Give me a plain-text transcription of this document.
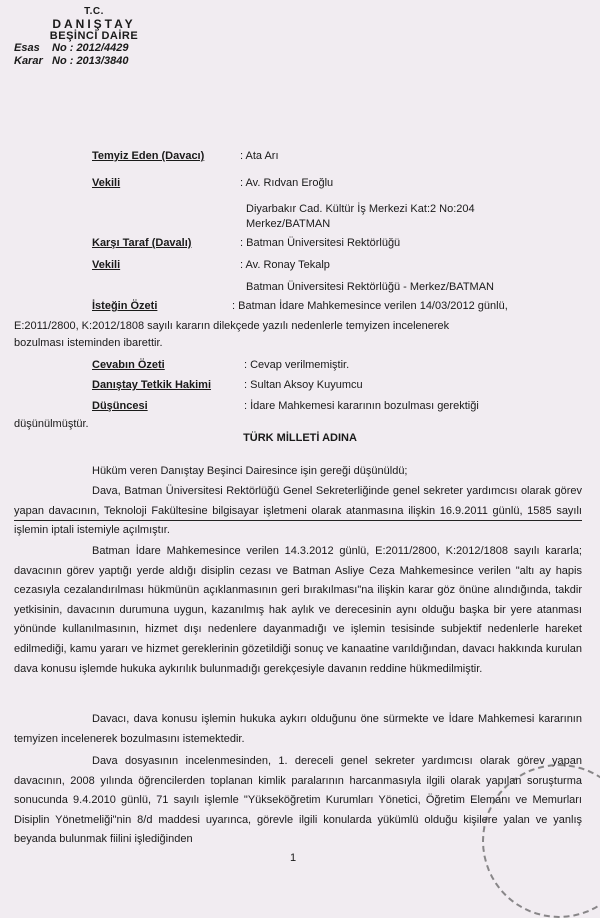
T.C.
DANIŞTAY
BEŞİNCİ DAİRE
Esas No : 2012/4429
Karar No : 2013/3840
Temyiz Eden (Davacı)	: Ata Arı
Vekili	: Av. Rıdvan Eroğlu
Diyarbakır Cad. Kültür İş Merkezi Kat:2 No:204
Merkez/BATMAN
Karşı Taraf (Davalı)	: Batman Üniversitesi Rektörlüğü
Vekili	: Av. Ronay Tekalp
Batman Üniversitesi Rektörlüğü - Merkez/BATMAN
İsteğin Özeti	: Batman İdare Mahkemesince verilen 14/03/2012 günlü,
E:2011/2800, K:2012/1808 sayılı kararın dilekçede yazılı nedenlerle temyizen incelenerek
bozulması isteminden ibarettir.
Cevabın Özeti	: Cevap verilmemiştir.
Danıştay Tetkik Hakimi	: Sultan Aksoy Kuyumcu
Düşüncesi	: İdare Mahkemesi kararının bozulması gerektiği
düşünülmüştür.
TÜRK MİLLETİ ADINA
Hüküm veren Danıştay Beşinci Dairesince işin gereği düşünüldü;
Dava, Batman Üniversitesi Rektörlüğü Genel Sekreterliğinde genel sekreter yardımcısı olarak görev yapan davacının, Teknoloji Fakültesine bilgisayar işletmeni olarak atanmasına ilişkin 16.9.2011 günlü, 1585 sayılı işlemin iptali istemiyle açılmıştır.
Batman İdare Mahkemesince verilen 14.3.2012 günlü, E:2011/2800, K:2012/1808 sayılı kararla; davacının görev yaptığı yerde aldığı disiplin cezası ve Batman Asliye Ceza Mahkemesince verilen "altı ay hapis cezasıyla cezalandırılması hükmünün açıklanmasının geri bırakılması"na ilişkin karar göz önüne alındığında, takdir yetkisinin, davacının durumuna uygun, kazanılmış hak aylık ve derecesinin aynı olduğu başka bir yere atanması yönünde kullanılmasının, hizmet dışı nedenlere dayanmadığı ve işlemin tesisinde subjektif nedenlerle hareket edilmediği, kamu yararı ve hizmet gereklerinin gözetildiği sonuç ve kanaatine varıldığından, davacı hakkında kurulan dava konusu işlemde hukuka aykırılık bulunmadığı gerekçesiyle davanın reddine hükmedilmiştir.
Davacı, dava konusu işlemin hukuka aykırı olduğunu öne sürmekte ve İdare Mahkemesi kararının temyizen incelenerek bozulmasını istemektedir.
Dava dosyasının incelenmesinden, 1. dereceli genel sekreter yardımcısı olarak görev yapan davacının, 2008 yılında öğrencilerden toplanan kimlik paralarının harcanmasıyla ilgili olarak yapılan soruşturma sonucunda 9.4.2010 günlü, 71 sayılı işlemle "Yükseköğretim Kurumları Yönetici, Öğretim Elemanı ve Memurları Disiplin Yönetmeliği"nin 8/d maddesi uyarınca, görevle ilgili konularda yükümlü olduğu kişilere yalan ve yanlış beyanda bulunmak fiilini işlediğinden
1
